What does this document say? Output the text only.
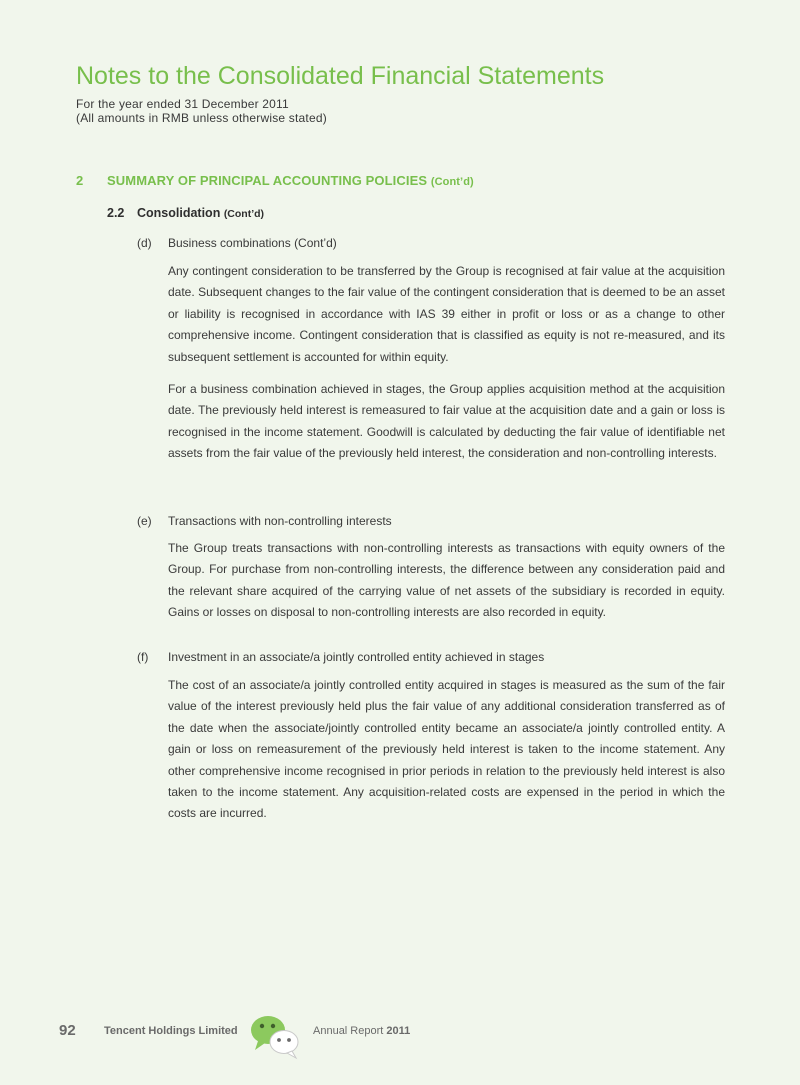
Notes to the Consolidated Financial Statements
For the year ended 31 December 2011
(All amounts in RMB unless otherwise stated)
2 SUMMARY OF PRINCIPAL ACCOUNTING POLICIES (Cont’d)
2.2 Consolidation (Cont’d)
(d) Business combinations (Cont’d)

Any contingent consideration to be transferred by the Group is recognised at fair value at the acquisition date. Subsequent changes to the fair value of the contingent consideration that is deemed to be an asset or liability is recognised in accordance with IAS 39 either in profit or loss or as a change to other comprehensive income. Contingent consideration that is classified as equity is not re-measured, and its subsequent settlement is accounted for within equity.

For a business combination achieved in stages, the Group applies acquisition method at the acquisition date. The previously held interest is remeasured to fair value at the acquisition date and a gain or loss is recognised in the income statement. Goodwill is calculated by deducting the fair value of identifiable net assets from the fair value of the previously held interest, the consideration and non-controlling interests.

(e) Transactions with non-controlling interests

The Group treats transactions with non-controlling interests as transactions with equity owners of the Group. For purchase from non-controlling interests, the difference between any consideration paid and the relevant share acquired of the carrying value of net assets of the subsidiary is recorded in equity. Gains or losses on disposal to non-controlling interests are also recorded in equity.

(f) Investment in an associate/a jointly controlled entity achieved in stages

The cost of an associate/a jointly controlled entity acquired in stages is measured as the sum of the fair value of the interest previously held plus the fair value of any additional consideration transferred as of the date when the associate/jointly controlled entity became an associate/a jointly controlled entity. A gain or loss on remeasurement of the previously held interest is taken to the income statement. Any other comprehensive income recognised in prior periods in relation to the previously held interest is also taken to the income statement. Any acquisition-related costs are expensed in the period in which the costs are incurred.

92	Tencent Holdings Limited	Annual Report 2011
